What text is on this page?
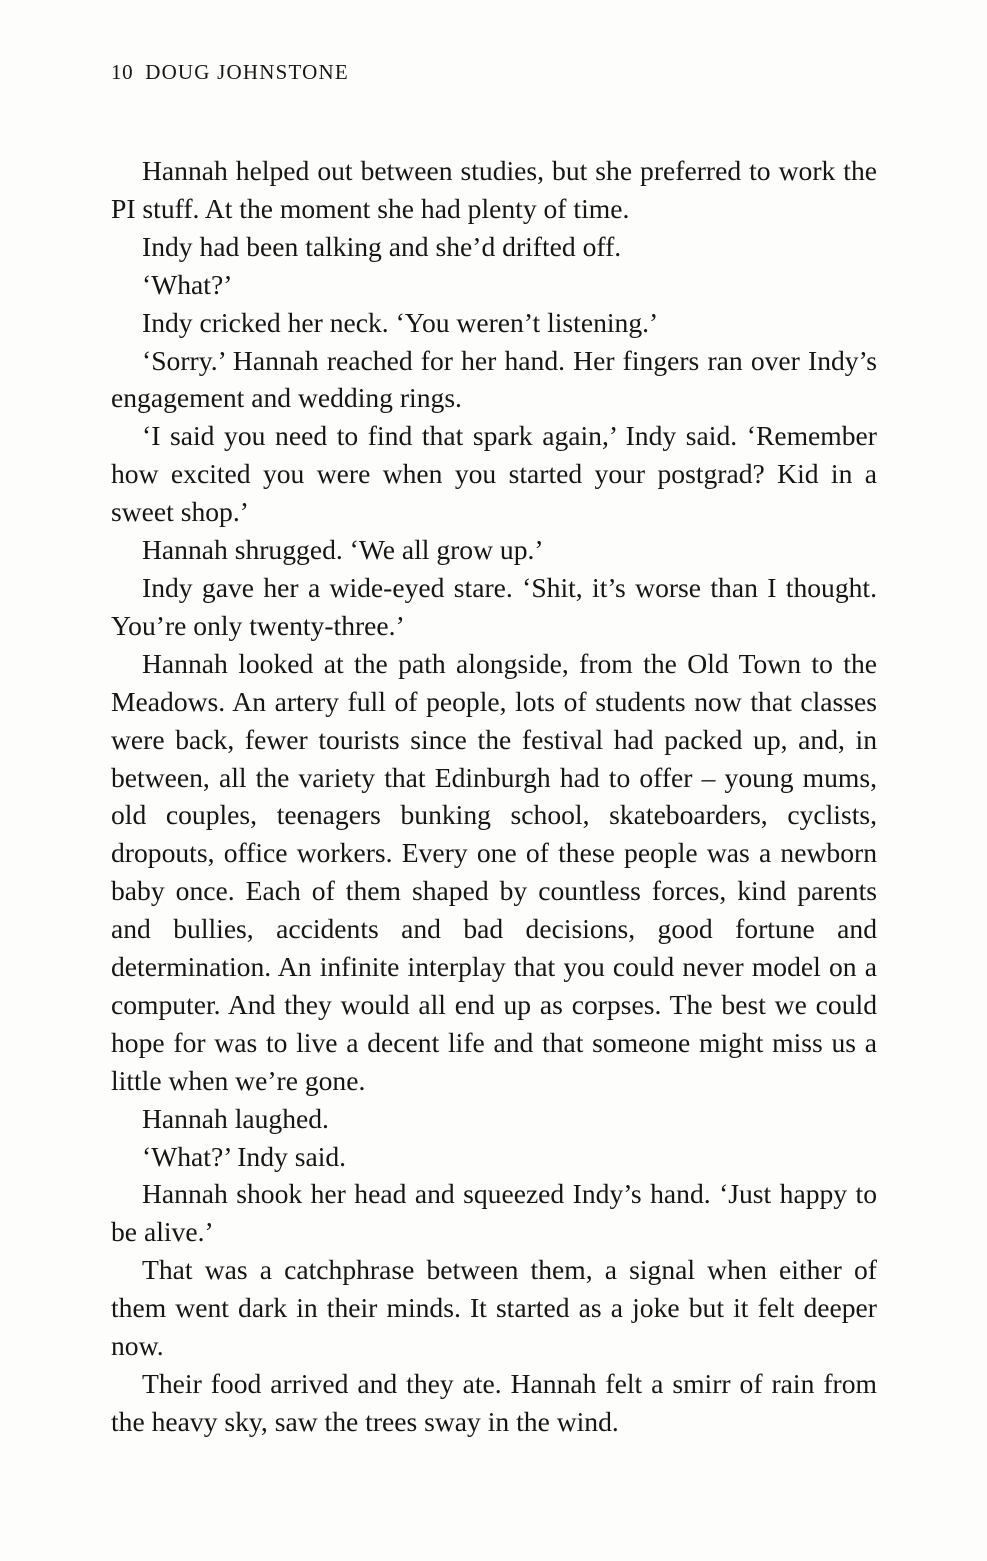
10 DOUG JOHNSTONE

Hannah helped out between studies, but she preferred to work the PI stuff. At the moment she had plenty of time.

Indy had been talking and she’d drifted off.

‘What?’

Indy cricked her neck. ‘You weren’t listening.’

‘Sorry.’ Hannah reached for her hand. Her fingers ran over Indy’s engagement and wedding rings.

‘I said you need to find that spark again,’ Indy said. ‘Remember how excited you were when you started your postgrad? Kid in a sweet shop.’

Hannah shrugged. ‘We all grow up.’

Indy gave her a wide-eyed stare. ‘Shit, it’s worse than I thought. You’re only twenty-three.’

Hannah looked at the path alongside, from the Old Town to the Meadows. An artery full of people, lots of students now that classes were back, fewer tourists since the festival had packed up, and, in between, all the variety that Edinburgh had to offer – young mums, old couples, teenagers bunking school, skateboarders, cyclists, dropouts, office workers. Every one of these people was a newborn baby once. Each of them shaped by countless forces, kind parents and bullies, accidents and bad decisions, good fortune and determination. An infinite interplay that you could never model on a computer. And they would all end up as corpses. The best we could hope for was to live a decent life and that someone might miss us a little when we’re gone.

Hannah laughed.

‘What?’ Indy said.

Hannah shook her head and squeezed Indy’s hand. ‘Just happy to be alive.’

That was a catchphrase between them, a signal when either of them went dark in their minds. It started as a joke but it felt deeper now.

Their food arrived and they ate. Hannah felt a smirr of rain from the heavy sky, saw the trees sway in the wind.
